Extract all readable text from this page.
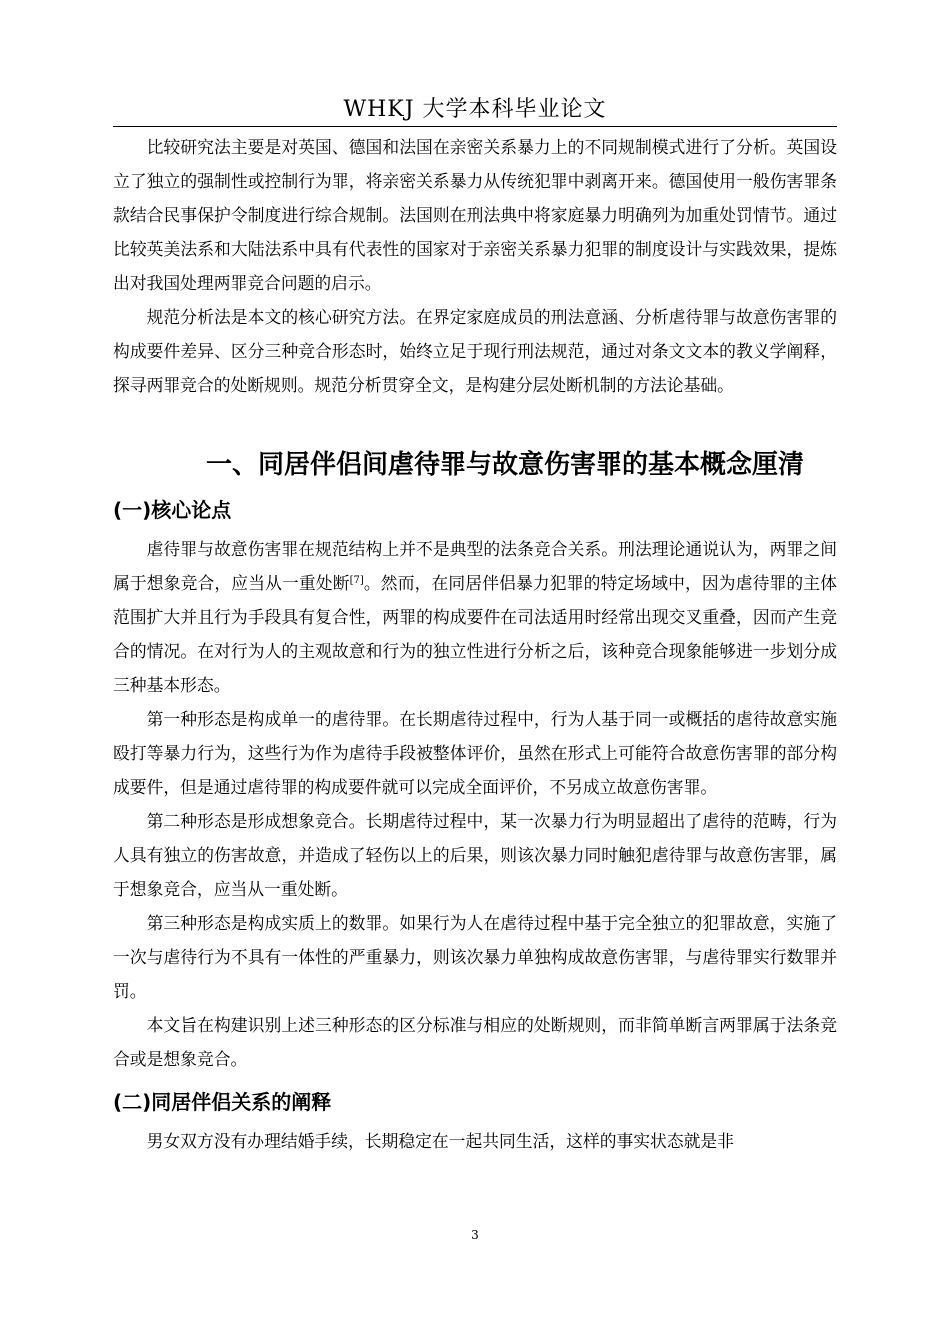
WHKJ 大学本科毕业论文

比较研究法主要是对英国、德国和法国在亲密关系暴力上的不同规制模式进行了分析。英国设立了独立的强制性或控制行为罪，将亲密关系暴力从传统犯罪中剥离开来。德国使用一般伤害罪条款结合民事保护令制度进行综合规制。法国则在刑法典中将家庭暴力明确列为加重处罚情节。通过比较英美法系和大陆法系中具有代表性的国家对于亲密关系暴力犯罪的制度设计与实践效果，提炼出对我国处理两罪竞合问题的启示。

规范分析法是本文的核心研究方法。在界定家庭成员的刑法意涵、分析虐待罪与故意伤害罪的构成要件差异、区分三种竞合形态时，始终立足于现行刑法规范，通过对条文文本的教义学阐释，探寻两罪竞合的处断规则。规范分析贯穿全文，是构建分层处断机制的方法论基础。

一、同居伴侣间虐待罪与故意伤害罪的基本概念厘清
(一)核心论点

虐待罪与故意伤害罪在规范结构上并不是典型的法条竞合关系。刑法理论通说认为，两罪之间属于想象竞合，应当从一重处断[7]。然而，在同居伴侣暴力犯罪的特定场域中，因为虐待罪的主体范围扩大并且行为手段具有复合性，两罪的构成要件在司法适用时经常出现交叉重叠，因而产生竞合的情况。在对行为人的主观故意和行为的独立性进行分析之后，该种竞合现象能够进一步划分成三种基本形态。

第一种形态是构成单一的虐待罪。在长期虐待过程中，行为人基于同一或概括的虐待故意实施殴打等暴力行为，这些行为作为虐待手段被整体评价，虽然在形式上可能符合故意伤害罪的部分构成要件，但是通过虐待罪的构成要件就可以完成全面评价，不另成立故意伤害罪。

第二种形态是形成想象竞合。长期虐待过程中，某一次暴力行为明显超出了虐待的范畴，行为人具有独立的伤害故意，并造成了轻伤以上的后果，则该次暴力同时触犯虐待罪与故意伤害罪，属于想象竞合，应当从一重处断。

第三种形态是构成实质上的数罪。如果行为人在虐待过程中基于完全独立的犯罪故意，实施了一次与虐待行为不具有一体性的严重暴力，则该次暴力单独构成故意伤害罪，与虐待罪实行数罪并罚。

本文旨在构建识别上述三种形态的区分标准与相应的处断规则，而非简单断言两罪属于法条竞合或是想象竞合。

(二)同居伴侣关系的阐释

男女双方没有办理结婚手续，长期稳定在一起共同生活，这样的事实状态就是非

3
